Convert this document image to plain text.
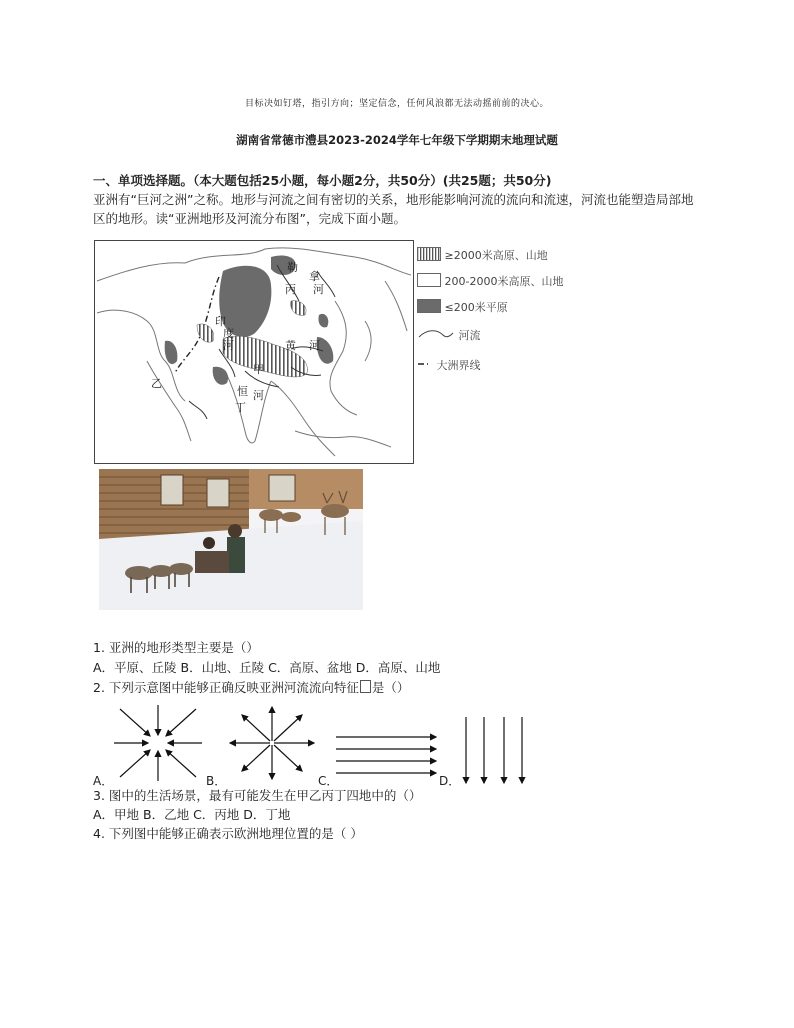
目标决如钉塔，指引方向；坚定信念，任何风浪都无法动摇前前的决心。
湖南省常德市澧县2023-2024学年七年级下学期期末地理试题
一、单项选择题。（本大题包括25小题，每小题2分，共50分）(共25题；共50分)
亚洲有“巨河之洲”之称。地形与河流之间有密切的关系，地形能影响河流的流向和流速，河流也能塑造局部地区的地形。读“亚洲地形及河流分布图”，完成下面小题。
勒
拿
河
丙
印
度
河	黄 河
甲
乙
恒 河
丁
≥2000米高原、山地
200-2000米高原、山地
≤200米平原
河流
大洲界线
1. 亚洲的地形类型主要是（）
A．平原、丘陵 B．山地、丘陵 C．高原、盆地 D．高原、山地
2. 下列示意图中能够正确反映亚洲河流流向特征 是（）
A．	B．	C．	D．
3. 图中的生活场景，最有可能发生在甲乙丙丁四地中的（）
A．甲地 B．乙地 C．丙地 D．丁地
4. 下列图中能够正确表示欧洲地理位置的是（ ）
